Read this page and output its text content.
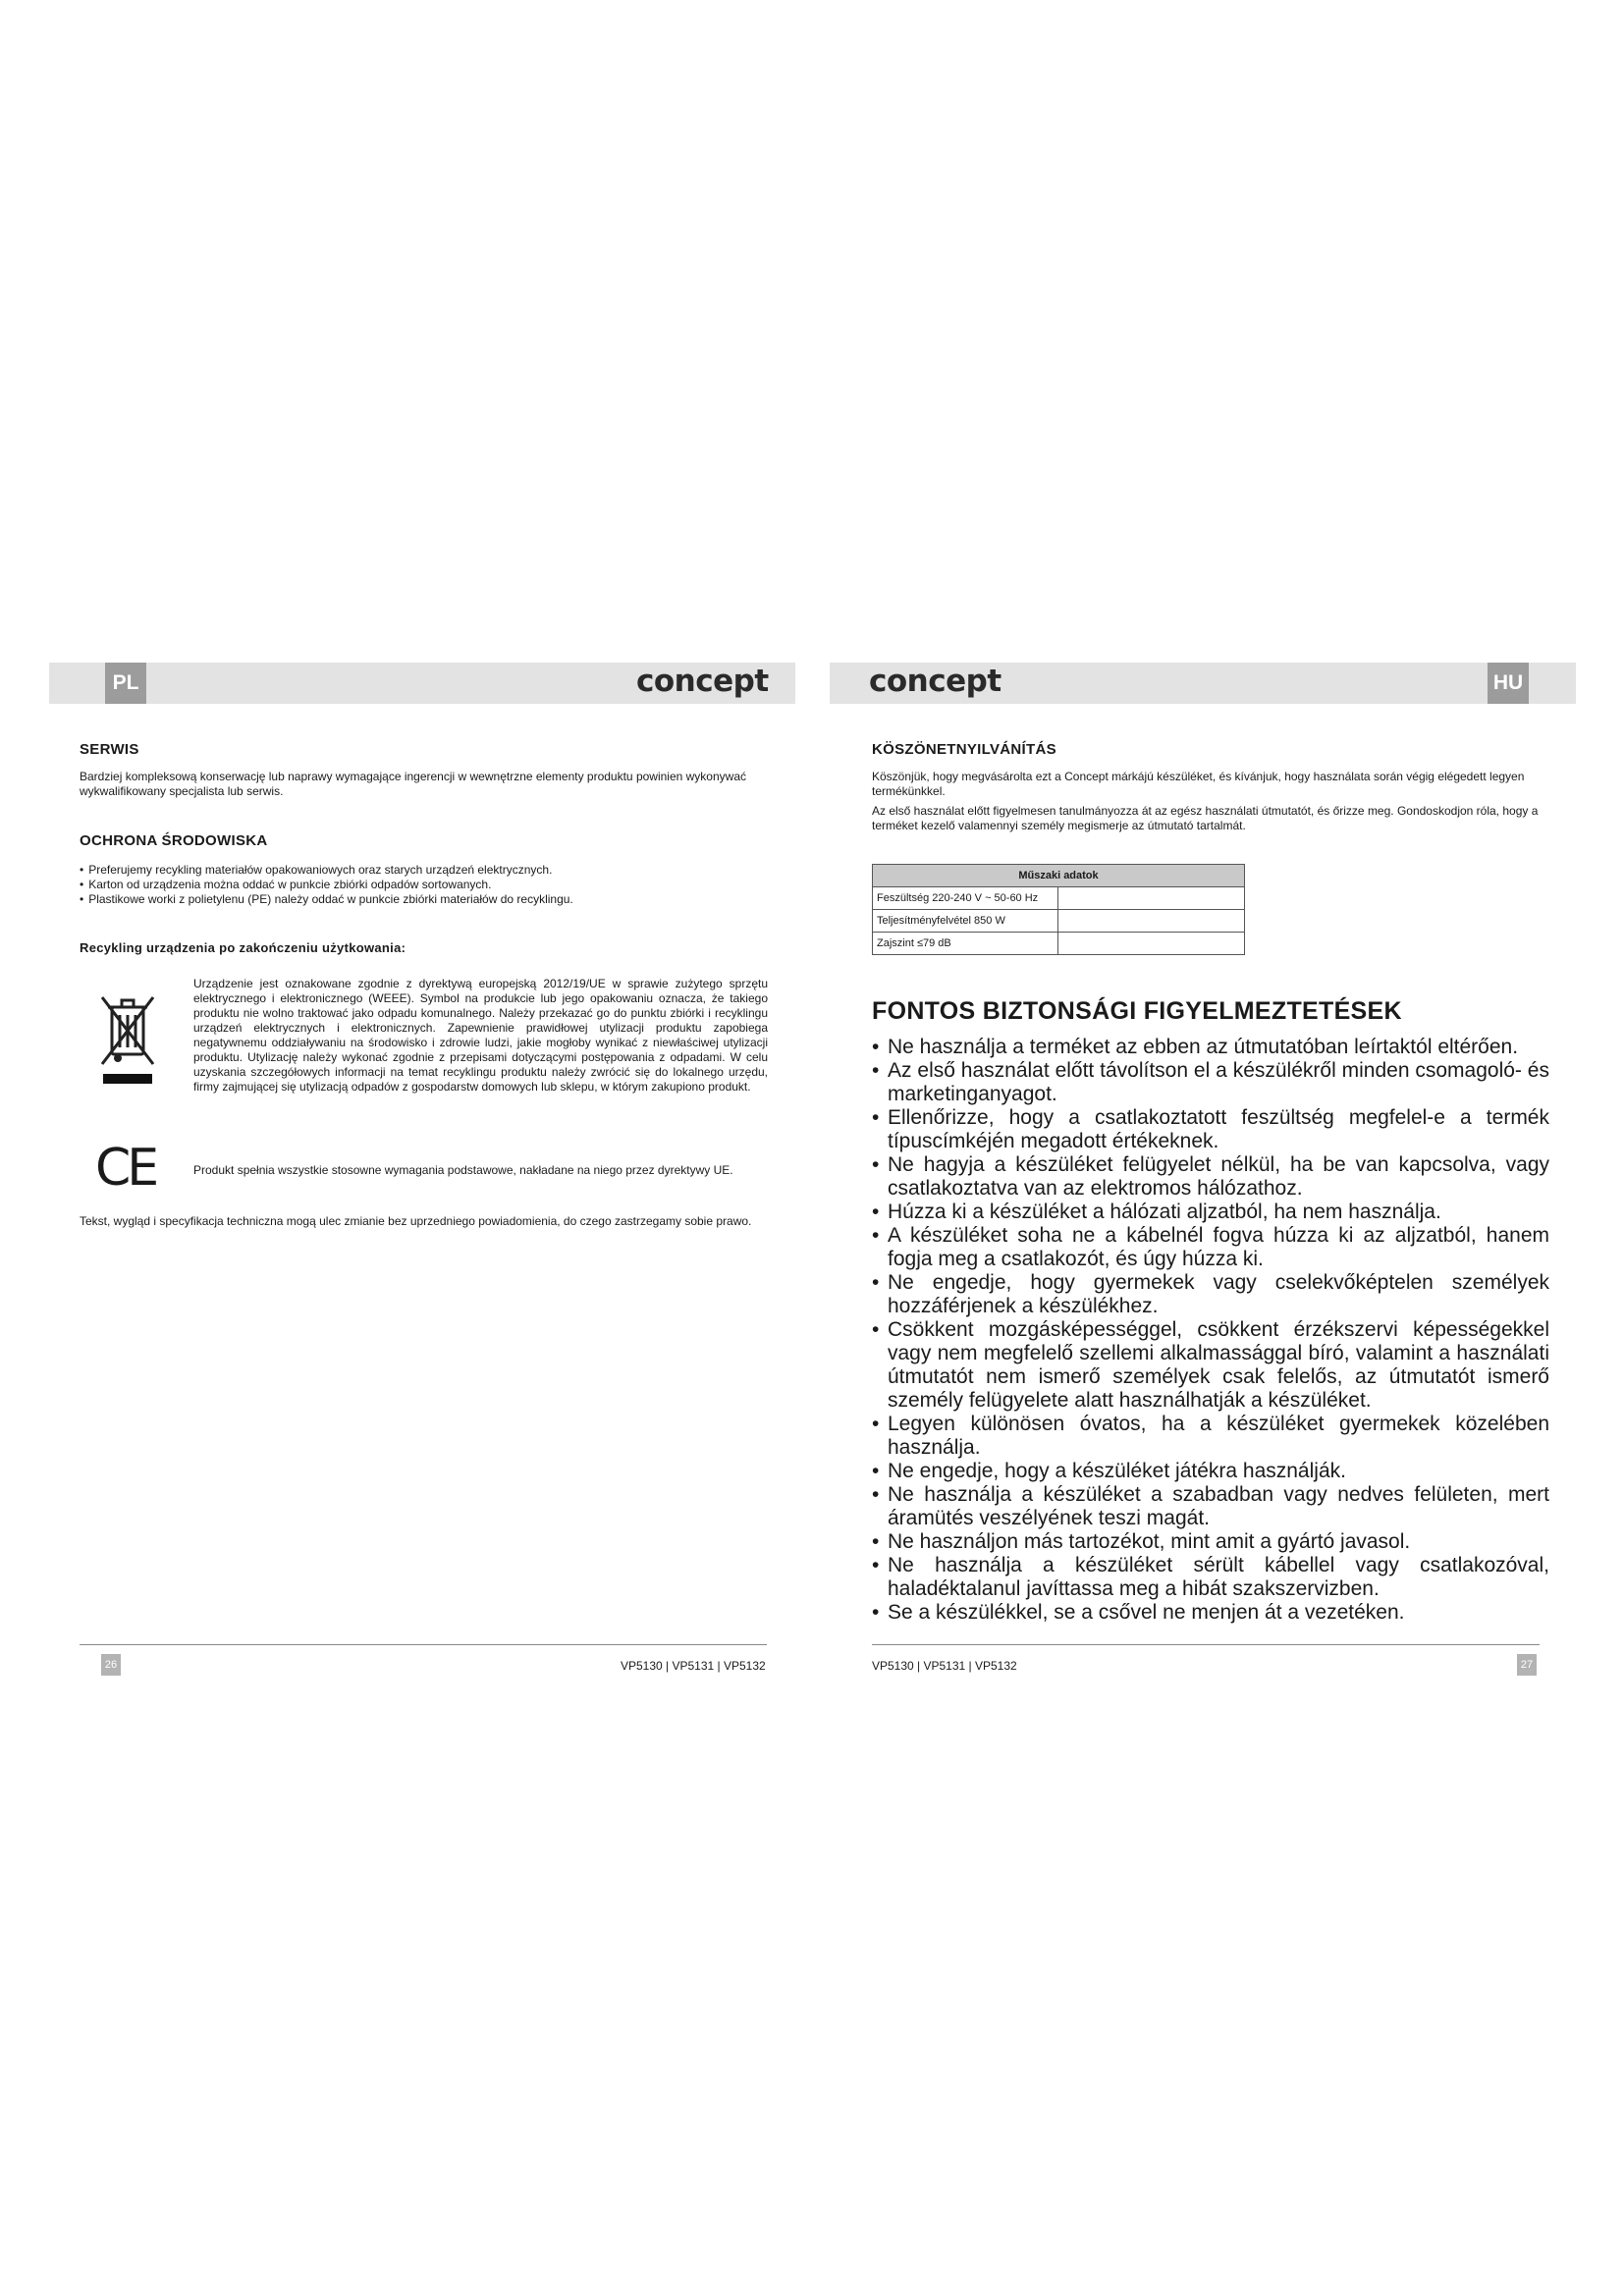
PL	HU
concept	concept
SERWIS

Bardziej kompleksową konserwację lub naprawy wymagające ingerencji w wewnętrzne elementy produktu powinien wykonywać wykwalifikowany specjalista lub serwis.

OCHRONA ŚRODOWISKA
• Preferujemy recykling materiałów opakowaniowych oraz starych urządzeń elektrycznych.
• Karton od urządzenia można oddać w punkcie zbiórki odpadów sortowanych.
• Plastikowe worki z polietylenu (PE) należy oddać w punkcie zbiórki materiałów do recyklingu.
Recykling urządzenia po zakończeniu użytkowania:

Urządzenie jest oznakowane zgodnie z dyrektywą europejską 2012/19/UE w sprawie zużytego sprzętu elektrycznego i elektronicznego (WEEE). Symbol na produkcie lub jego opakowaniu oznacza, że takiego produktu nie wolno traktować jako odpadu komunalnego. Należy przekazać go do punktu zbiórki i recyklingu urządzeń elektrycznych i elektronicznych. Zapewnienie prawidłowej utylizacji produktu zapobiega negatywnemu oddziaływaniu na środowisko i zdrowie ludzi, jakie mogłoby wynikać z niewłaściwej utylizacji produktu. Utylizację należy wykonać zgodnie z przepisami dotyczącymi postępowania z odpadami. W celu uzyskania szczegółowych informacji na temat recyklingu produktu należy zwrócić się do lokalnego urzędu, firmy zajmującej się utylizacją odpadów z gospodarstw domowych lub sklepu, w którym zakupiono produkt.

CE	Produkt spełnia wszystkie stosowne wymagania podstawowe, nakładane na niego przez dyrektywy UE.

Tekst, wygląd i specyfikacja techniczna mogą ulec zmianie bez uprzedniego powiadomienia, do czego zastrzegamy sobie prawo.

26	VP5130 | VP5131 | VP5132
KÖSZÖNETNYILVÁNÍTÁS

Köszönjük, hogy megvásárolta ezt a Concept márkájú készüléket, és kívánjuk, hogy használata során végig elégedett legyen termékünkkel.

Az első használat előtt figyelmesen tanulmányozza át az egész használati útmutatót, és őrizze meg. Gondoskodjon róla, hogy a terméket kezelő valamennyi személy megismerje az útmutató tartalmát.

Műszaki adatok	
Feszültség 220-240 V ~ 50-60 Hz	
Teljesítményfelvétel 850 W	
Zajszint ≤79 dB	
FONTOS BIZTONSÁGI FIGYELMEZTETÉSEK
• Ne használja a terméket az ebben az útmutatóban leírtaktól eltérően.
• Az első használat előtt távolítson el a készülékről minden csomagoló- és marketinganyagot.
• Ellenőrizze, hogy a csatlakoztatott feszültség megfelel-e a termék típuscímkéjén megadott értékeknek.
• Ne hagyja a készüléket felügyelet nélkül, ha be van kapcsolva, vagy csatlakoztatva van az elektromos hálózathoz.
• Húzza ki a készüléket a hálózati aljzatból, ha nem használja.
• A készüléket soha ne a kábelnél fogva húzza ki az aljzatból, hanem fogja meg a csatlakozót, és úgy húzza ki.
• Ne engedje, hogy gyermekek vagy cselekvőképtelen személyek hozzáférjenek a készülékhez.
• Csökkent mozgásképességgel, csökkent érzékszervi képességekkel vagy nem megfelelő szellemi alkalmassággal bíró, valamint a használati útmutatót nem ismerő személyek csak felelős, az útmutatót ismerő személy felügyelete alatt használhatják a készüléket.
• Legyen különösen óvatos, ha a készüléket gyermekek közelében használja.
• Ne engedje, hogy a készüléket játékra használják.
• Ne használja a készüléket a szabadban vagy nedves felületen, mert áramütés veszélyének teszi magát.
• Ne használjon más tartozékot, mint amit a gyártó javasol.
• Ne használja a készüléket sérült kábellel vagy csatlakozóval, haladéktalanul javíttassa meg a hibát szakszervizben.
• Se a készülékkel, se a csővel ne menjen át a vezetéken.
VP5130 | VP5131 | VP5132	27
